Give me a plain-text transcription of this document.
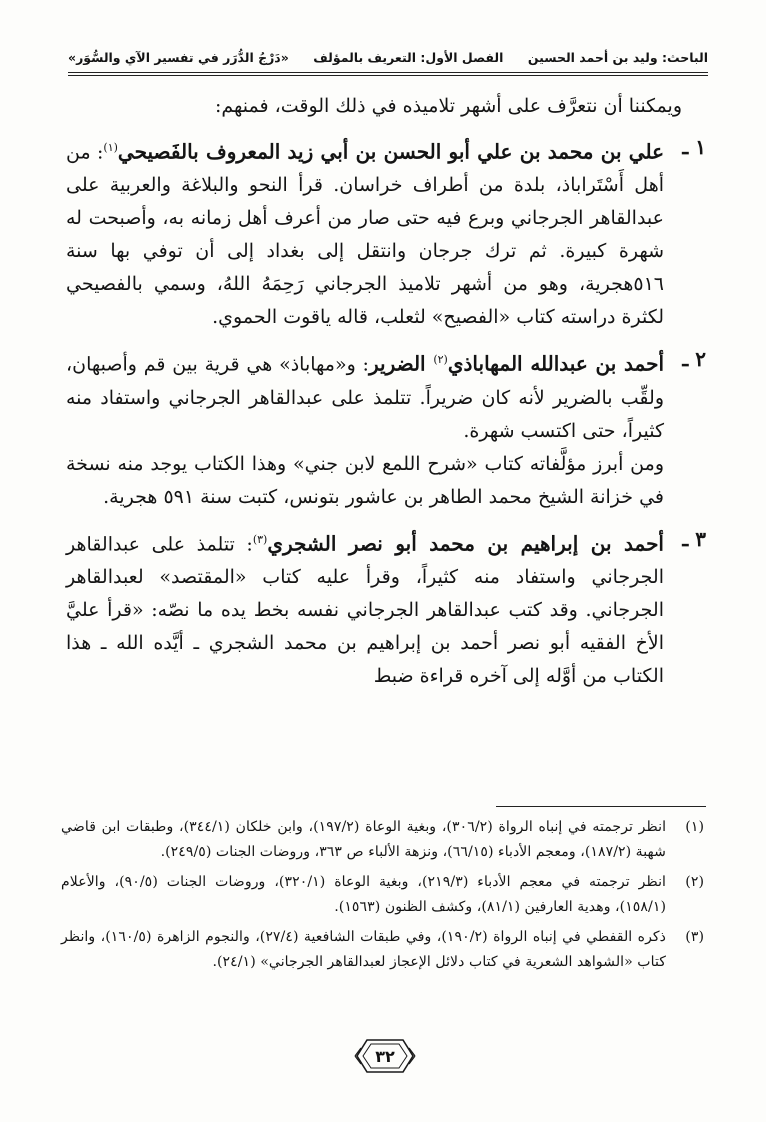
الباحث: وليد بن أحمد الحسين
الفصل الأول: التعريف بالمؤلف
«دَرْجُ الدُّرَر في تفسير الآي والسُّوَر»

ويمكننا أن نتعرَّف على أشهر تلاميذه في ذلك الوقت، فمنهم:

١ ـ

علي بن محمد بن علي أبو الحسن بن أبي زيد المعروف بالفَصيحي$^{(١)}$: من أهل أَسْتَراباذ، بلدة من أطراف خراسان. قرأ النحو والبلاغة والعربية على عبدالقاهر الجرجاني وبرع فيه حتى صار من أعرف أهل زمانه به، وأصبحت له شهرة كبيرة. ثم ترك جرجان وانتقل إلى بغداد إلى أن توفي بها سنة ٥١٦هجرية، وهو من أشهر تلاميذ الجرجاني رَحِمَهُ اللهُ، وسمي بالفصيحي لكثرة دراسته كتاب «الفصيح» لثعلب، قاله ياقوت الحموي.

٢ ـ

أحمد بن عبدالله المهاباذي$^{(٢)}$ الضرير: و«مهاباذ» هي قرية بين قم وأصبهان، ولقِّب بالضرير لأنه كان ضريراً. تتلمذ على عبدالقاهر الجرجاني واستفاد منه كثيراً، حتى اكتسب شهرة.

ومن أبرز مؤلَّفاته كتاب «شرح اللمع لابن جني» وهذا الكتاب يوجد منه نسخة في خزانة الشيخ محمد الطاهر بن عاشور بتونس، كتبت سنة ٥٩١ هجرية.

٣ ـ

أحمد بن إبراهيم بن محمد أبو نصر الشجري$^{(٣)}$: تتلمذ على عبدالقاهر الجرجاني واستفاد منه كثيراً، وقرأ عليه كتاب «المقتصد» لعبدالقاهر الجرجاني. وقد كتب عبدالقاهر الجرجاني نفسه بخط يده ما نصّه: «قرأ عليَّ الأخ الفقيه أبو نصر أحمد بن إبراهيم بن محمد الشجري ـ أيَّده الله ـ هذا الكتاب من أوَّله إلى آخره قراءة ضبط

(١)
انظر ترجمته في إنباه الرواة (٣٠٦/٢)، وبغية الوعاة (١٩٧/٢)، وابن خلكان (٣٤٤/١)، وطبقات ابن قاضي شهبة (١٨٧/٢)، ومعجم الأدباء (٦٦/١٥)، ونزهة الألباء ص ٣٦٣، وروضات الجنات (٢٤٩/٥).
(٢)
انظر ترجمته في معجم الأدباء (٢١٩/٣)، وبغية الوعاة (٣٢٠/١)، وروضات الجنات (٩٠/٥)، والأعلام (١٥٨/١)، وهدية العارفين (٨١/١)، وكشف الظنون (١٥٦٣).
(٣)
ذكره القفطي في إنباه الرواة (١٩٠/٢)، وفي طبقات الشافعية (٢٧/٤)، والنجوم الزاهرة (١٦٠/٥)، وانظر كتاب «الشواهد الشعرية في كتاب دلائل الإعجاز لعبدالقاهر الجرجاني» (٢٤/١).
٣٢
